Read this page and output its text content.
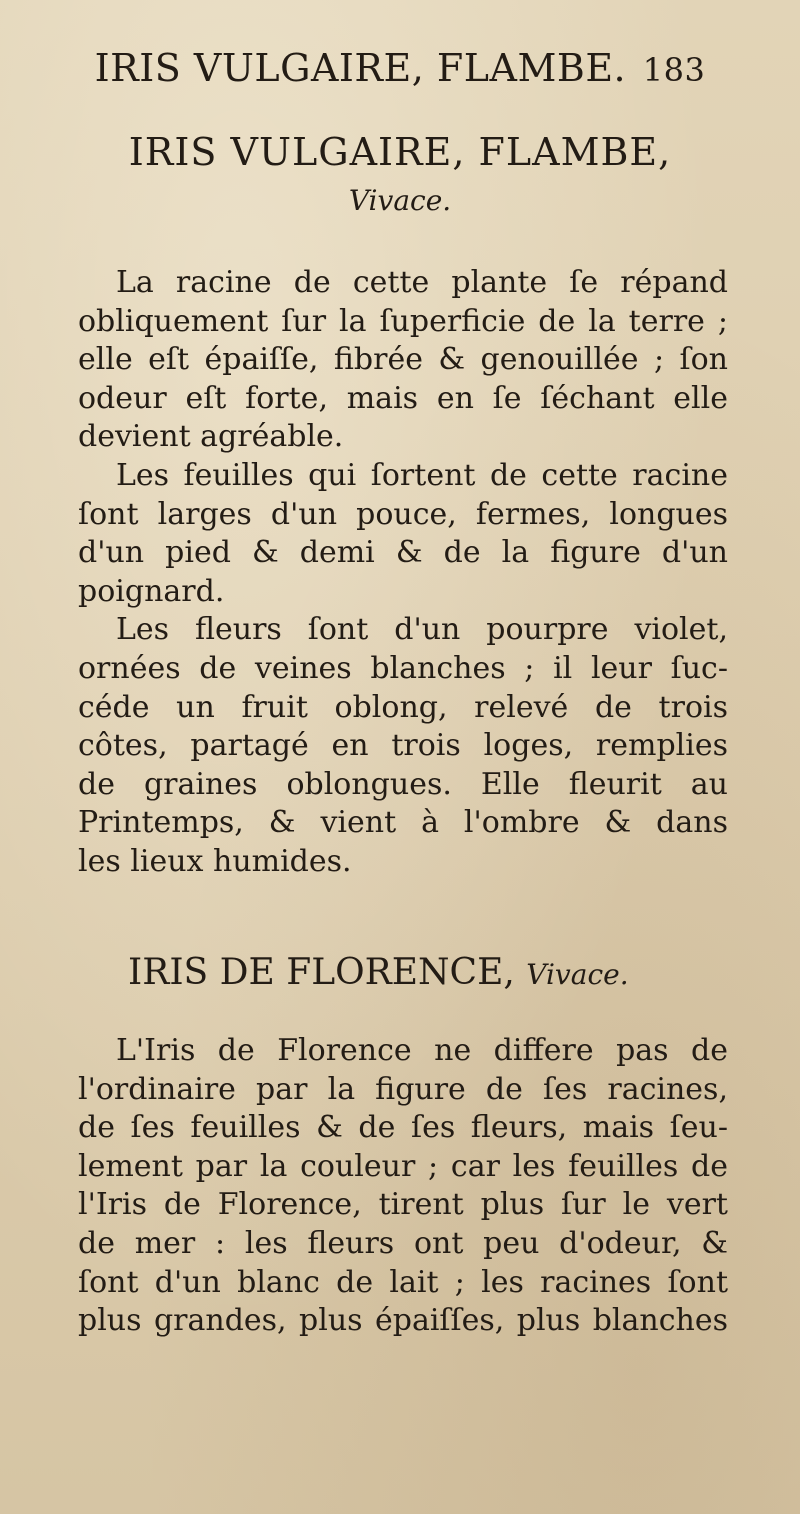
IRIS VULGAIRE, FLAMBE. 183
IRIS VULGAIRE, FLAMBE,
Vivace.
La racine de cette plante ſe répand
obliquement ſur la ſuperficie de la terre ;
elle eſt épaiſſe, fibrée & genouillée ; ſon
odeur eſt forte, mais en ſe ſéchant elle
devient agréable.
Les feuilles qui ſortent de cette racine
ſont larges d'un pouce, fermes, longues
d'un pied & demi & de la figure d'un
poignard.
Les fleurs ſont d'un pourpre violet,
ornées de veines blanches ; il leur ſuc-
céde un fruit oblong, relevé de trois
côtes, partagé en trois loges, remplies
de graines oblongues. Elle fleurit au
Printemps, & vient à l'ombre & dans
les lieux humides.
IRIS DE FLORENCE, Vivace.
L'Iris de Florence ne differe pas de
l'ordinaire par la figure de ſes racines,
de ſes feuilles & de ſes fleurs, mais ſeu-
lement par la couleur ; car les feuilles de
l'Iris de Florence, tirent plus ſur le vert
de mer : les fleurs ont peu d'odeur, &
ſont d'un blanc de lait ; les racines ſont
plus grandes, plus épaiſſes, plus blanches
